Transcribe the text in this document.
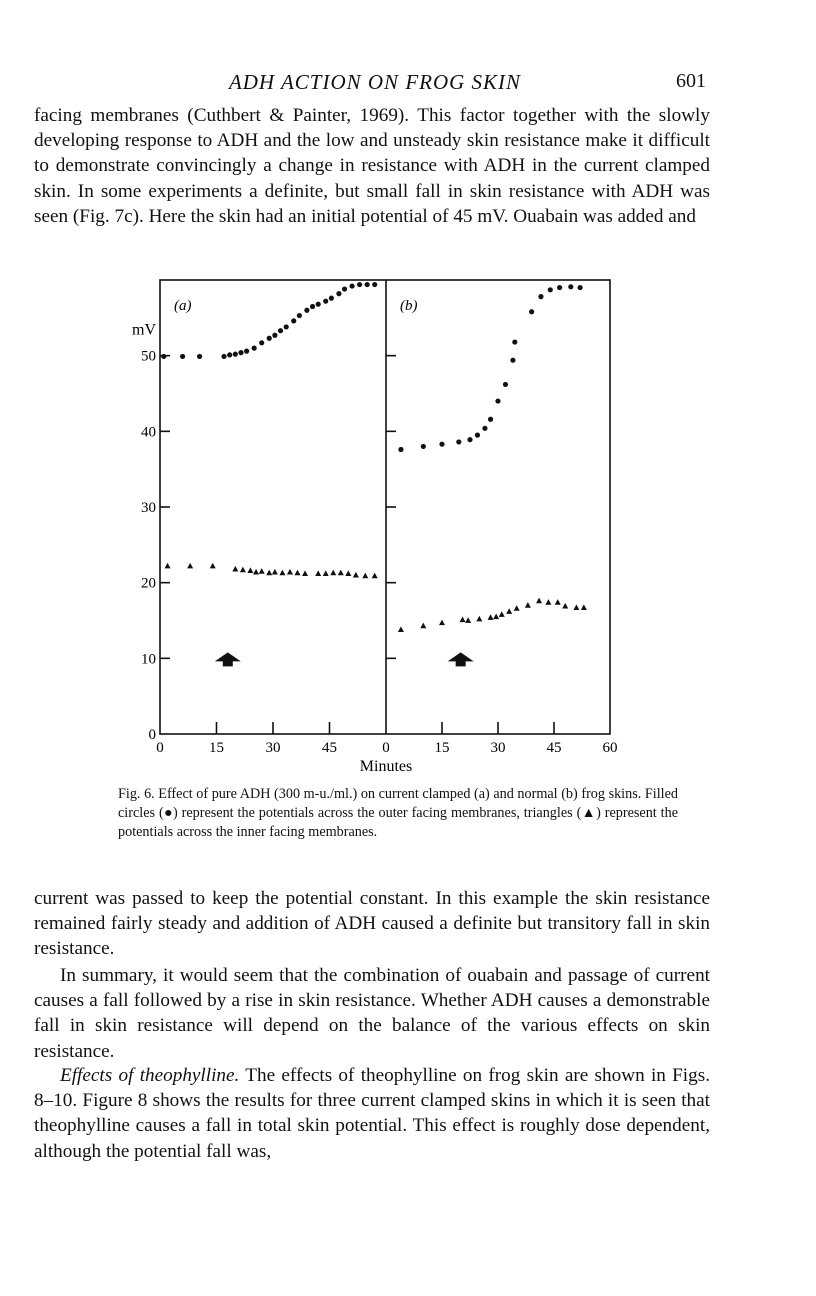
ADH ACTION ON FROG SKIN	601

facing membranes (Cuthbert & Painter, 1969). This factor together with the slowly developing response to ADH and the low and unsteady skin resistance make it difficult to demonstrate convincingly a change in resistance with ADH in the current clamped skin. In some experiments a definite, but small fall in skin resistance with ADH was seen (Fig. 7c). Here the skin had an initial potential of 45 mV. Ouabain was added and

mV
Minutes
(a)	(b)
0
10
20
30
40
50
0	15	30	45	0	15	30	45	60

Fig. 6. Effect of pure ADH (300 m-u./ml.) on current clamped (a) and normal (b) frog skins. Filled circles (●) represent the potentials across the outer facing membranes, triangles (▲) represent the potentials across the inner facing membranes.

current was passed to keep the potential constant. In this example the skin resistance remained fairly steady and addition of ADH caused a definite but transitory fall in skin resistance.

In summary, it would seem that the combination of ouabain and passage of current causes a fall followed by a rise in skin resistance. Whether ADH causes a demonstrable fall in skin resistance will depend on the balance of the various effects on skin resistance.

Effects of theophylline. The effects of theophylline on frog skin are shown in Figs. 8–10. Figure 8 shows the results for three current clamped skins in which it is seen that theophylline causes a fall in total skin potential. This effect is roughly dose dependent, although the potential fall was,
